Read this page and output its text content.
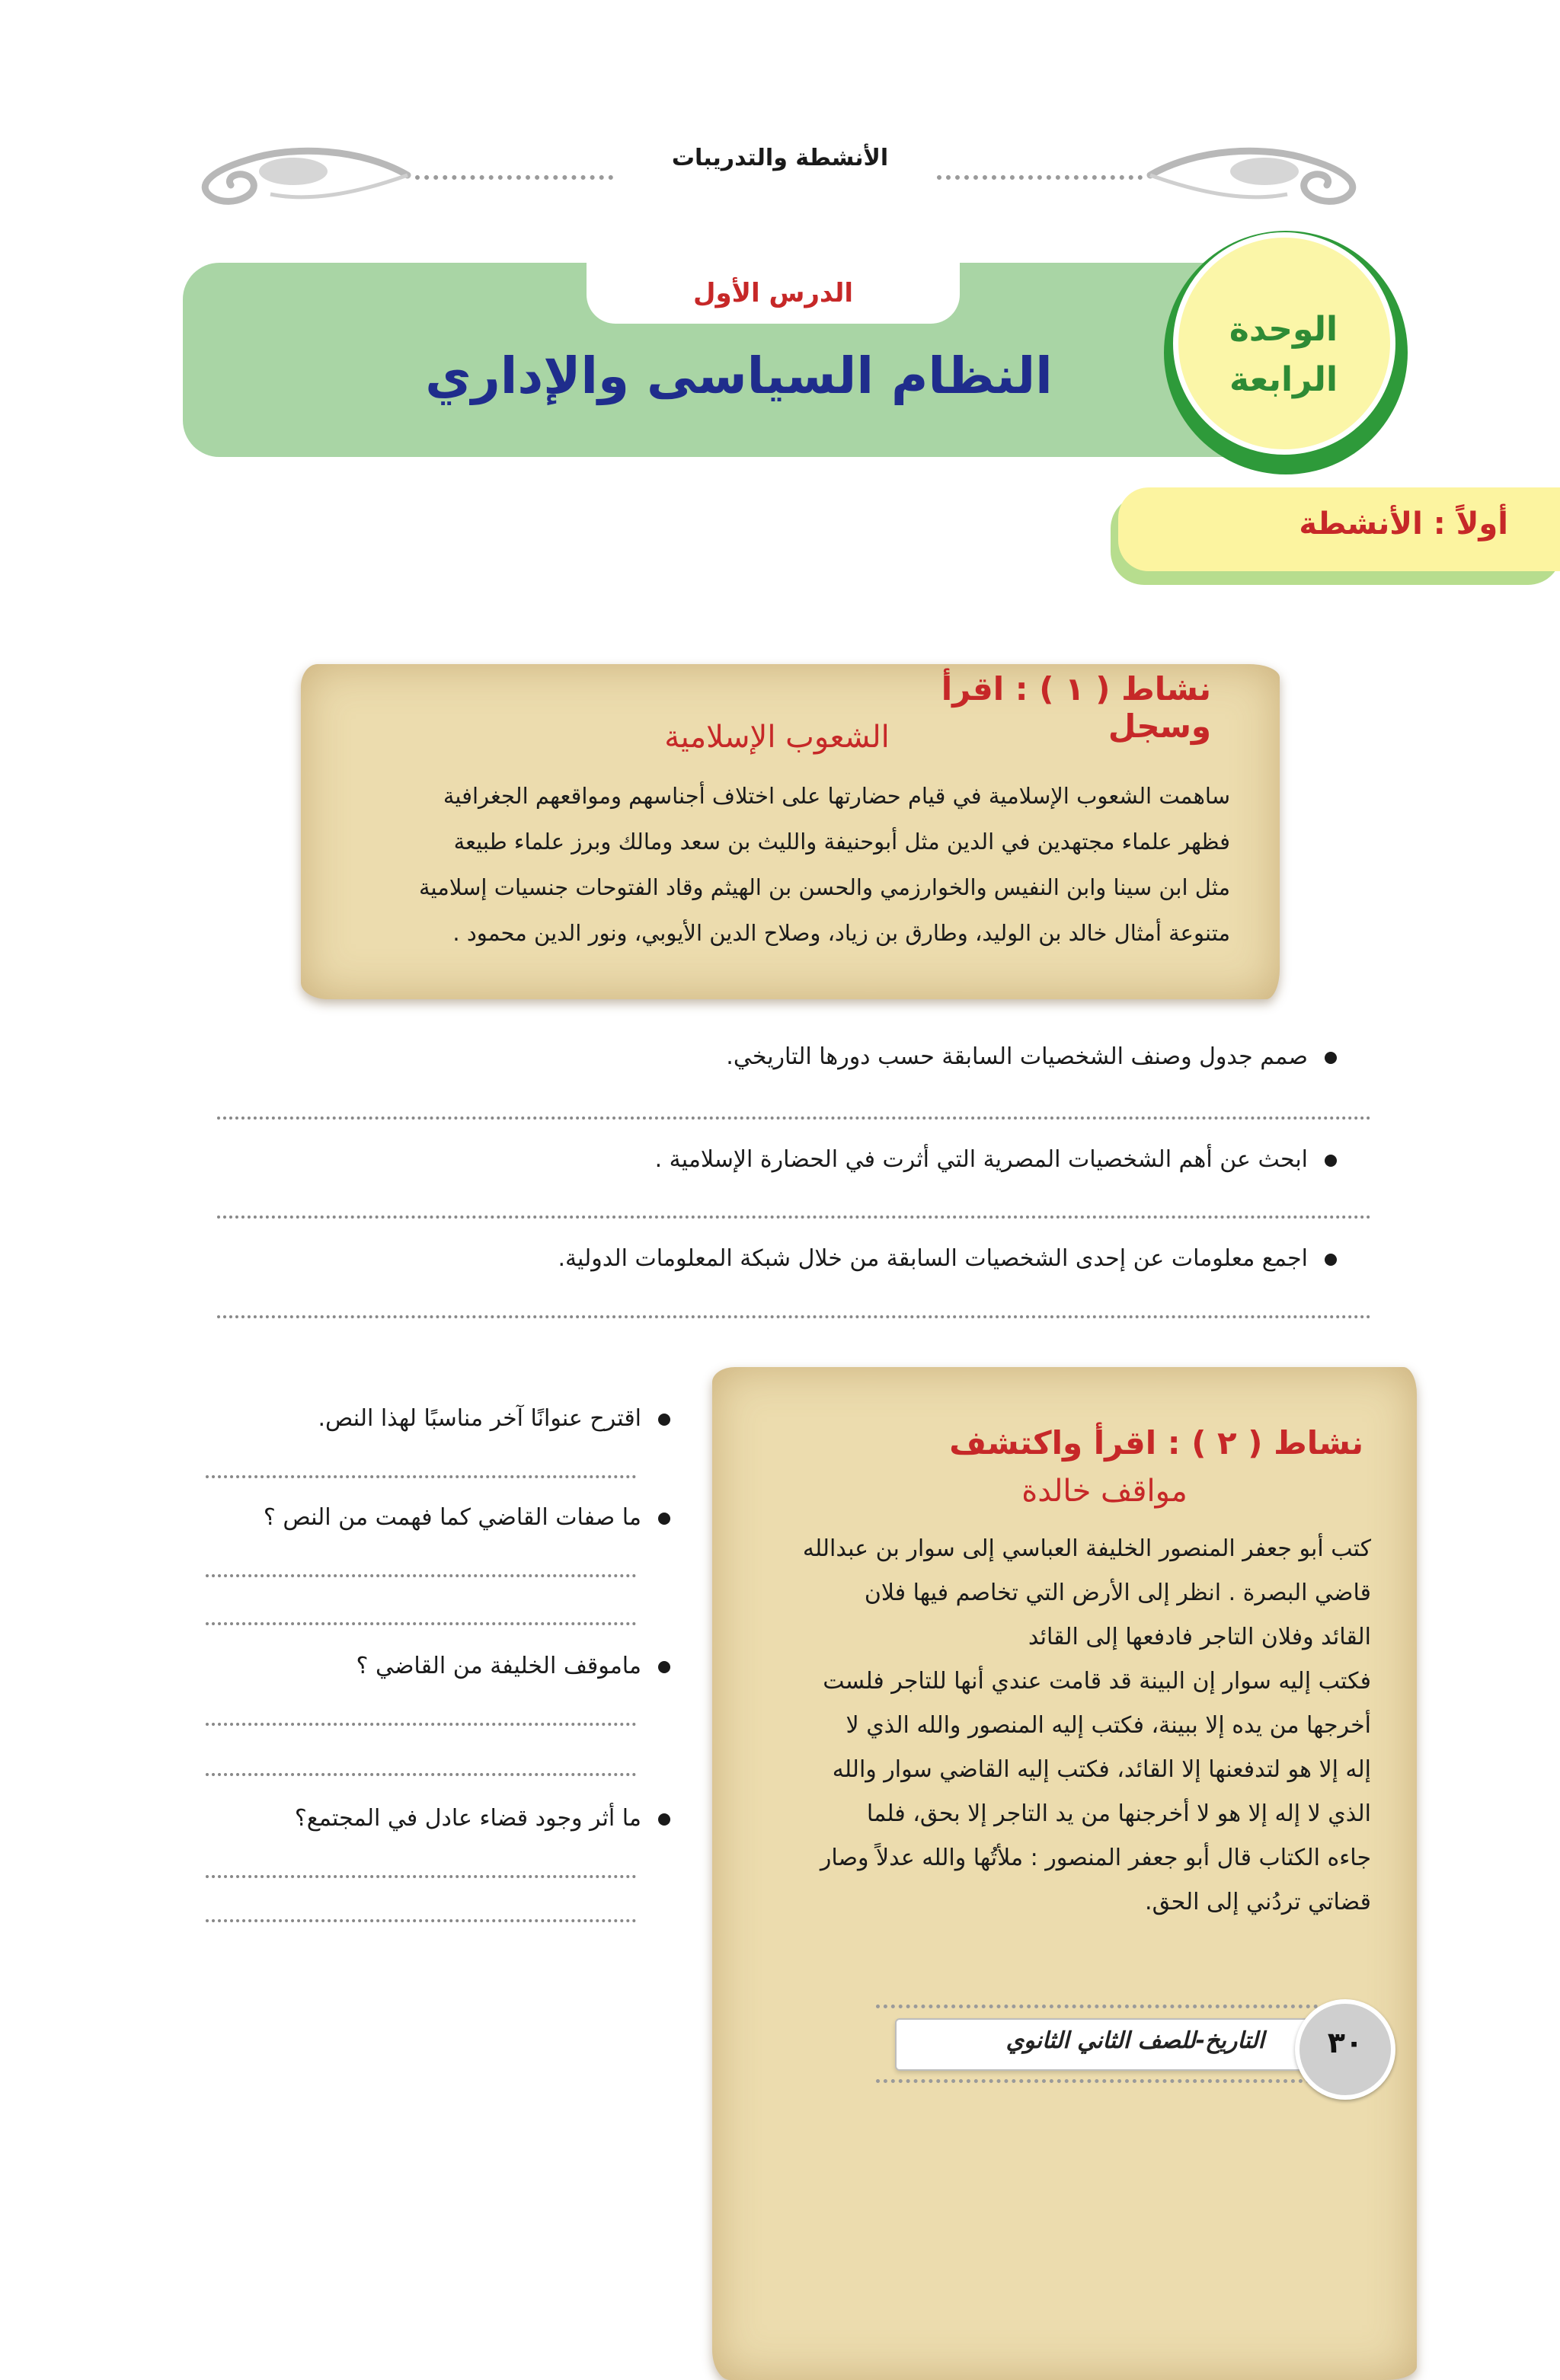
الأنشطة والتدريبات
الدرس الأول
النظام السياسى والإداري
الوحدة الرابعة
أولاً : الأنشطة
نشاط ( ١ ) : اقرأ وسجل
الشعوب الإسلامية
ساهمت الشعوب الإسلامية في قيام حضارتها على اختلاف أجناسهم ومواقعهم الجغرافية
فظهر علماء مجتهدين في الدين مثل أبوحنيفة والليث بن سعد ومالك وبرز علماء طبيعة
مثل ابن سينا وابن النفيس والخوارزمي والحسن بن الهيثم وقاد الفتوحات جنسيات إسلامية
متنوعة أمثال خالد بن الوليد، وطارق بن زياد، وصلاح الدين الأيوبي، ونور الدين محمود .
صمم جدول وصنف الشخصيات السابقة حسب دورها التاريخي.
ابحث عن أهم الشخصيات المصرية التي أثرت في الحضارة الإسلامية .
اجمع معلومات عن إحدى الشخصيات السابقة من خلال شبكة المعلومات الدولية.
نشاط ( ٢ ) : اقرأ واكتشف
مواقف خالدة
كتب أبو جعفر المنصور الخليفة العباسي إلى سوار بن عبدالله
قاضي البصرة . انظر إلى الأرض التي تخاصم فيها فلان
القائد وفلان التاجر فادفعها إلى القائد
فكتب إليه سوار إن البينة قد قامت عندي أنها للتاجر فلست
أخرجها من يده إلا ببينة، فكتب إليه المنصور والله الذي لا
إله إلا هو لتدفعنها إلا القائد، فكتب إليه القاضي سوار والله
الذي لا إله إلا هو لا أخرجنها من يد التاجر إلا بحق، فلما
جاءه الكتاب قال أبو جعفر المنصور : ملأتُها والله عدلاً وصار
قضاتي تردُني إلى الحق.
اقترح عنوانًا آخر مناسبًا لهذا النص.
ما صفات القاضي كما فهمت من النص ؟
ماموقف الخليفة من القاضي ؟
ما أثر وجود قضاء عادل في المجتمع؟
التاريخ-للصف الثاني الثانوي	٣٠
